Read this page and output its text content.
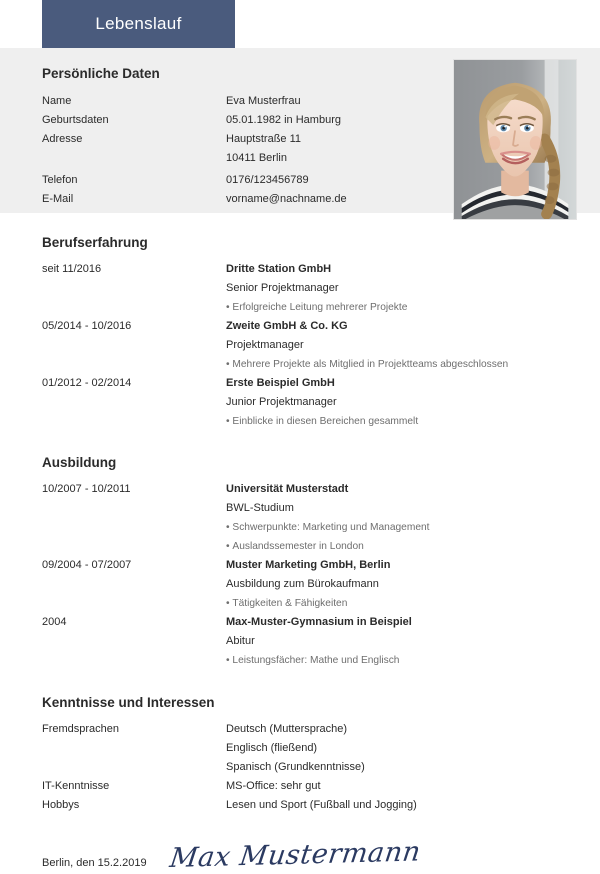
Lebenslauf
Persönliche Daten
Name	Eva Musterfrau
Geburtsdaten	05.01.1982 in Hamburg
Adresse	Hauptstraße 11
10411 Berlin
Telefon	0176/123456789
E-Mail	vorname@nachname.de
Berufserfahrung
seit 11/2016	Dritte Station GmbH
Senior Projektmanager
• Erfolgreiche Leitung mehrerer Projekte
05/2014 - 10/2016	Zweite GmbH & Co. KG
Projektmanager
• Mehrere Projekte als Mitglied in Projektteams abgeschlossen
01/2012 - 02/2014	Erste Beispiel GmbH
Junior Projektmanager
• Einblicke in diesen Bereichen gesammelt
Ausbildung
10/2007 - 10/2011	Universität Musterstadt
BWL-Studium
• Schwerpunkte: Marketing und Management
• Auslandssemester in London
09/2004 - 07/2007	Muster Marketing GmbH, Berlin
Ausbildung zum Bürokaufmann
• Tätigkeiten & Fähigkeiten
2004	Max-Muster-Gymnasium in Beispiel
Abitur
• Leistungsfächer: Mathe und Englisch
Kenntnisse und Interessen
Fremdsprachen	Deutsch (Muttersprache)
Englisch (fließend)
Spanisch (Grundkenntnisse)
IT-Kenntnisse	MS-Office: sehr gut
Hobbys	Lesen und Sport (Fußball und Jogging)
Berlin, den 15.2.2019 Max Mustermann
